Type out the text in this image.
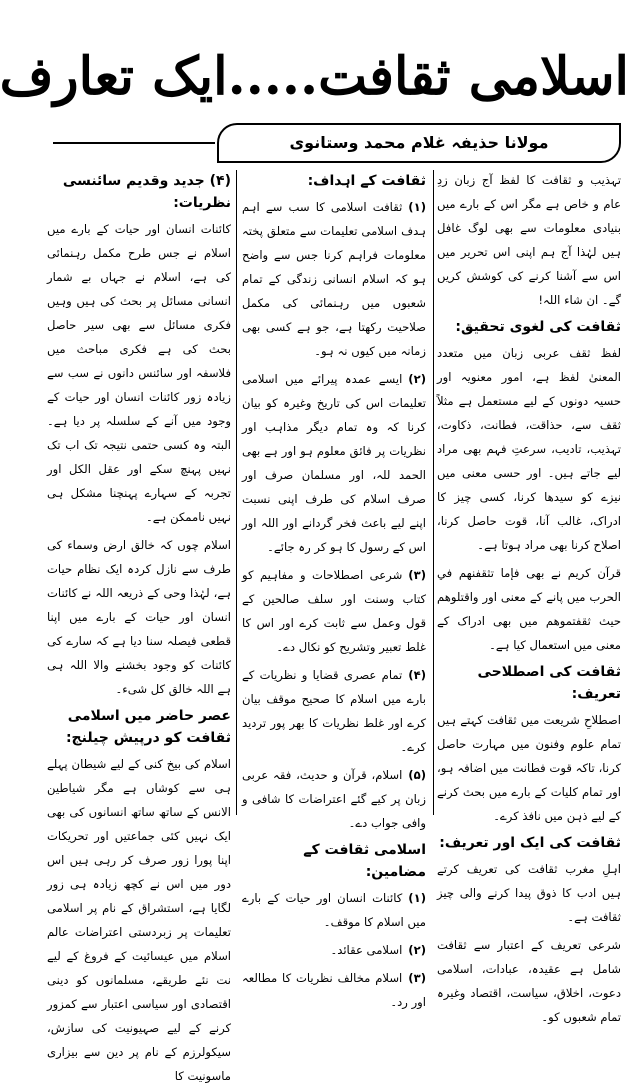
اسلامی ثقافت.....ایک تعارف
مولانا حذیفہ غلام محمد وستانوی

تہذیب و ثقافت کا لفظ آج زبان زدِ عام و خاص ہے مگر اس کے بارے میں بنیادی معلومات سے بھی لوگ غافل ہیں لہٰذا آج ہم اپنی اس تحریر میں اس سے آشنا کرنے کی کوشش کریں گے۔ ان شاء اللہ!

ثقافت کی لغوی تحقیق:

لفظ ثقف عربی زبان میں متعدد المعنیٰ لفظ ہے، امور معنویہ اور حسیہ دونوں کے لیے مستعمل ہے مثلاً ثقف سے، حذاقت، فطانت، ذکاوت، تہذیب، تادیب، سرعتِ فہم بھی مراد لیے جاتے ہیں۔ اور حسی معنی میں نیزے کو سیدھا کرنا، کسی چیز کا ادراک، غالب آنا، قوت حاصل کرنا، اصلاح کرنا بھی مراد ہوتا ہے۔

قرآن کریم نے بھی فإما تثقفنهم في الحرب میں پانے کے معنی اور واقتلوهم حيث ثقفتموهم میں بھی ادراک کے معنی میں استعمال کیا ہے۔

ثقافت کی اصطلاحی تعریف:

اصطلاحِ شریعت میں ثقافت کہتے ہیں تمام علوم وفنون میں مہارت حاصل کرنا، تاکہ قوت فطانت میں اضافہ ہو، اور تمام کلیات کے بارے میں بحث کرنے کے لیے ذہن میں نافذ کرے۔

ثقافت کی ایک اور تعریف:

اہلِ مغرب ثقافت کی تعریف کرتے ہیں ادب کا ذوق پیدا کرنے والی چیز ثقافت ہے۔

شرعی تعریف کے اعتبار سے ثقافت شامل ہے عقیدہ، عبادات، اسلامی دعوت، اخلاق، سیاست، اقتصاد وغیرہ تمام شعبوں کو۔

ثقافت کے اہداف:

(۱)ثقافت اسلامی کا سب سے اہم ہدف اسلامی تعلیمات سے متعلق پختہ معلومات فراہم کرنا جس سے واضح ہو کہ اسلام انسانی زندگی کے تمام شعبوں میں رہنمائی کی مکمل صلاحیت رکھتا ہے، جو ہے کسی بھی زمانہ میں کیوں نہ ہو۔

(۲)ایسے عمدہ پیرائے میں اسلامی تعلیمات اس کی تاریخ وغیرہ کو بیان کرنا کہ وہ تمام دیگر مذاہب اور نظریات پر فائق معلوم ہو اور ہے بھی الحمد للہ، اور مسلمان صرف اور صرف اسلام کی طرف اپنی نسبت اپنے لیے باعث فخر گردانے اور اللہ اور اس کے رسول کا ہو کر رہ جائے۔

(۳)شرعی اصطلاحات و مفاہیم کو کتاب وسنت اور سلف صالحین کے قول وعمل سے ثابت کرے اور اس کا غلط تعبیر وتشریح کو نکال دے۔

(۴)تمام عصری قضایا و نظریات کے بارے میں اسلام کا صحیح موقف بیان کرے اور غلط نظریات کا بھر پور تردید کرے۔

(۵)اسلام، قرآن و حدیث، فقہ عربی زبان پر کیے گئے اعتراضات کا شافی و وافی جواب دے۔

اسلامی ثقافت کے مضامین:

(۱)کائنات انسان اور حیات کے بارے میں اسلام کا موقف۔

(۲)اسلامی عقائد۔

(۳)اسلام مخالف نظریات کا مطالعہ اور رد۔

(۴) جدید وقدیم سائنسی نظریات:

کائنات انسان اور حیات کے بارے میں اسلام نے جس طرح مکمل رہنمائی کی ہے، اسلام نے جہاں بے شمار انسانی مسائل پر بحث کی ہیں وہیں فکری مسائل سے بھی سیر حاصل بحث کی ہے فکری مباحث میں فلاسفہ اور سائنس دانوں نے سب سے زیادہ زور کائنات انسان اور حیات کے وجود میں آنے کے سلسلہ پر دیا ہے۔ البتہ وہ کسی حتمی نتیجہ تک اب تک نہیں پہنچ سکے اور عقل الکل اور تجربہ کے سہارے پہنچنا مشکل ہی نہیں ناممکن ہے۔

اسلام چوں کہ خالق ارض وسماء کی طرف سے نازل کردہ ایک نظام حیات ہے، لہٰذا وحی کے ذریعہ اللہ نے کائنات انسان اور حیات کے بارے میں اپنا قطعی فیصلہ سنا دیا ہے کہ سارے کی کائنات کو وجود بخشنے والا اللہ ہی ہے اللہ خالق کل شیء۔

عصر حاضر میں اسلامی ثقافت کو درپیش چیلنج:

اسلام کی بیخ کنی کے لیے شیطان پہلے ہی سے کوشاں ہے مگر شیاطین الانس کے ساتھ ساتھ انسانوں کی بھی ایک نہیں کئی جماعتیں اور تحریکات اپنا پورا زور صرف کر رہی ہیں اس دور میں اس نے کچھ زیادہ ہی زور لگایا ہے، استشراق کے نام پر اسلامی تعلیمات پر زبردستی اعتراضات عالم اسلام میں عیسائیت کے فروغ کے لیے نت نئے طریقے، مسلمانوں کو دینی اقتصادی اور سیاسی اعتبار سے کمزور کرنے کے لیے صہیونیت کی سازش، سیکولرزم کے نام پر دین سے بیزاری ماسونیت کا
